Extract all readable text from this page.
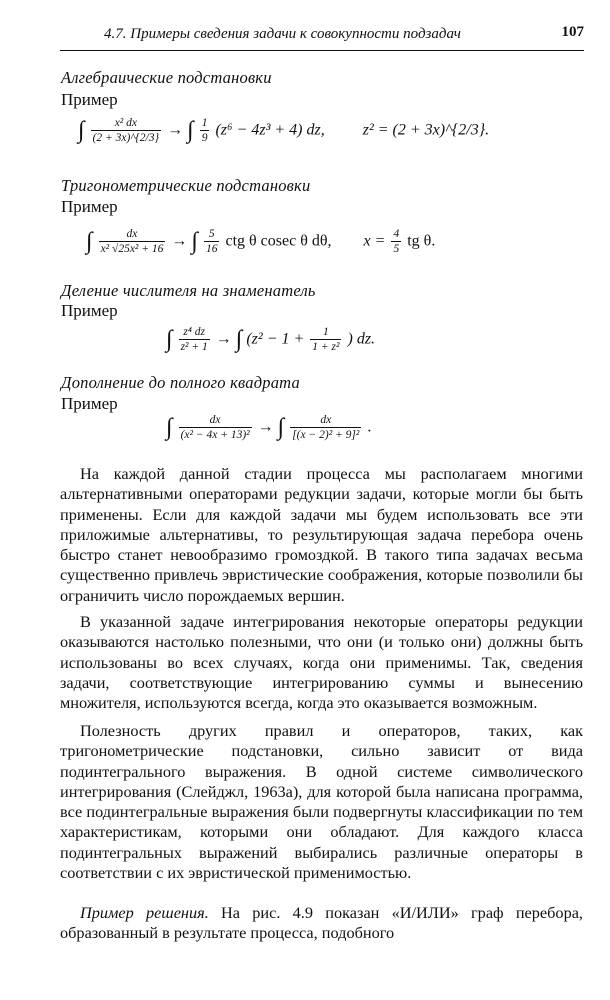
4.7. Примеры сведения задачи к совокупности подзадач	107
Алгебраические подстановки
Пример
∫ $\frac{\text{x² dx}}{(2 + 3x)\^{}\{2/3\}}$ → ∫ $\frac{1}{9} (z^6 - 4z^3 + 4)$ dz, z² = (2 + 3x)^{2/3}.
Тригонометрические подстановки
Пример
∫ $\frac{dx}{\text{x² √25x² + 16}}$ → ∫ $\frac{5}{16}$ ctg θ cosec θ dθ, $x = \frac{4}{5}$ tg θ.
Деление числителя на знаменатель
Пример
∫ $\frac{\text{z⁴ dz}}{\text{z² + 1}}$ → ∫ ($z^2 - 1 + \frac{1}{\text{1 + z²}}$ ) dz.
Дополнение до полного квадрата
Пример
∫ $\frac{dx}{\text{(x² − 4x + 13)²}}$ → ∫ $\frac{dx}{\text{[(x − 2)² + 9]²}}$ .
На каждой данной стадии процесса мы располагаем многими альтернативными операторами редукции задачи, которые могли бы быть применены. Если для каждой задачи мы будем использовать все эти приложимые альтернативы, то результирующая задача перебора очень быстро станет невообразимо громоздкой. В такого типа задачах весьма существенно привлечь эвристические соображения, которые позволили бы ограничить число порождаемых вершин.
В указанной задаче интегрирования некоторые операторы редукции оказываются настолько полезными, что они (и только они) должны быть использованы во всех случаях, когда они применимы. Так, сведения задачи, соответствующие интегрированию суммы и вынесению множителя, используются всегда, когда это оказывается возможным.
Полезность других правил и операторов, таких, как тригонометрические подстановки, сильно зависит от вида подинтегрального выражения. В одной системе символического интегрирования (Слейджл, 1963а), для которой была написана программа, все подинтегральные выражения были подвергнуты классификации по тем характеристикам, которыми они обладают. Для каждого класса подинтегральных выражений выбирались различные операторы в соответствии с их эвристической применимостью.
Пример решения. На рис. 4.9 показан «И/ИЛИ» граф перебора, образованный в результате процесса, подобного
